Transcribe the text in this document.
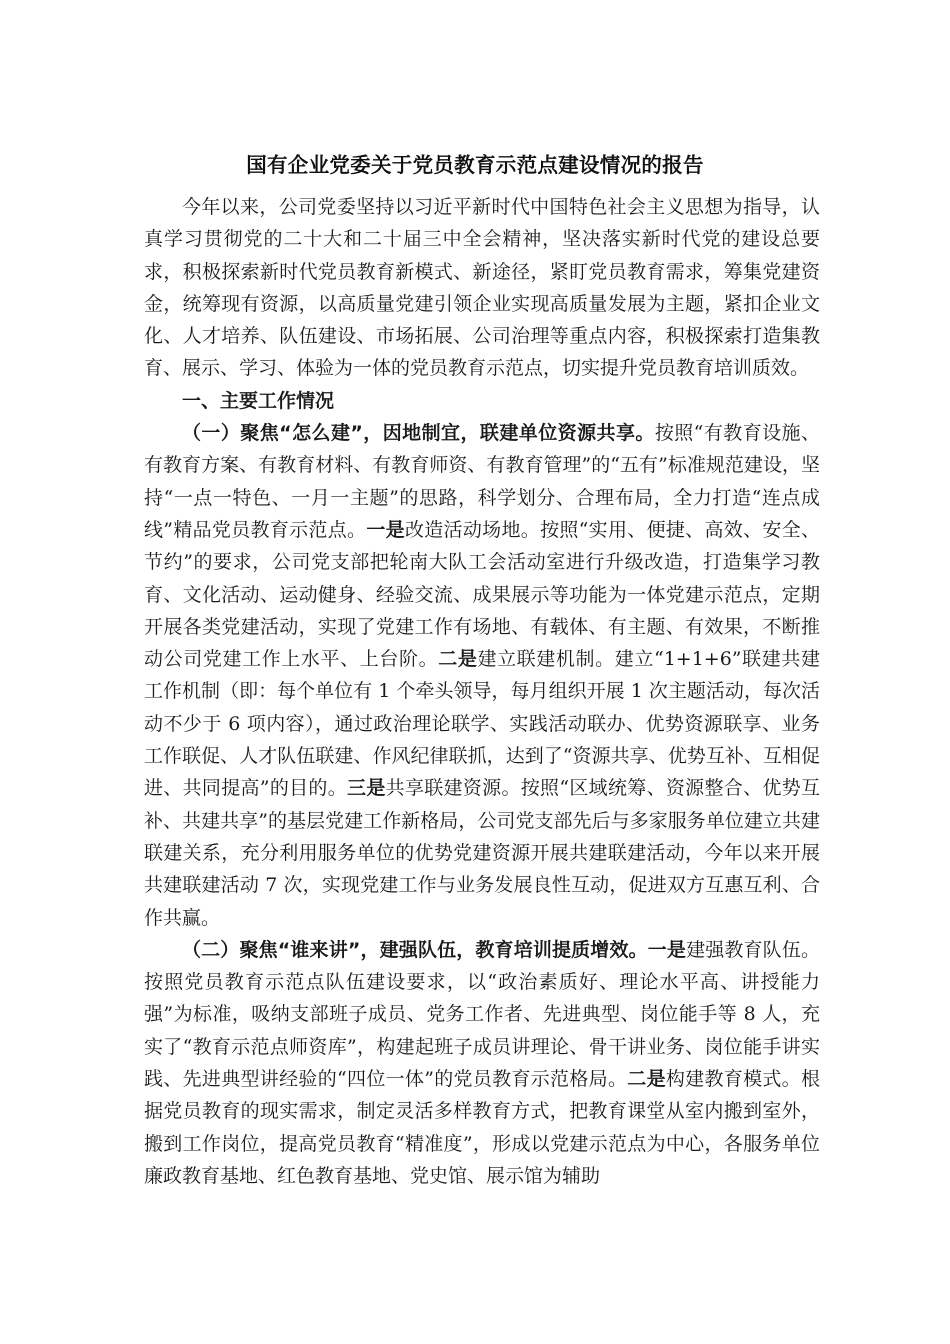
国有企业党委关于党员教育示范点建设情况的报告

今年以来，公司党委坚持以习近平新时代中国特色社会主义思想为指导，认真学习贯彻党的二十大和二十届三中全会精神，坚决落实新时代党的建设总要求，积极探索新时代党员教育新模式、新途径，紧盯党员教育需求，筹集党建资金，统筹现有资源，以高质量党建引领企业实现高质量发展为主题，紧扣企业文化、人才培养、队伍建设、市场拓展、公司治理等重点内容，积极探索打造集教育、展示、学习、体验为一体的党员教育示范点，切实提升党员教育培训质效。

一、主要工作情况

（一）聚焦“怎么建”，因地制宜，联建单位资源共享。按照“有教育设施、有教育方案、有教育材料、有教育师资、有教育管理”的“五有”标准规范建设，坚持“一点一特色、一月一主题”的思路，科学划分、合理布局，全力打造“连点成线”精品党员教育示范点。一是改造活动场地。按照“实用、便捷、高效、安全、节约”的要求，公司党支部把轮南大队工会活动室进行升级改造，打造集学习教育、文化活动、运动健身、经验交流、成果展示等功能为一体党建示范点，定期开展各类党建活动，实现了党建工作有场地、有载体、有主题、有效果，不断推动公司党建工作上水平、上台阶。二是建立联建机制。建立“1+1+6”联建共建工作机制（即：每个单位有 1 个牵头领导，每月组织开展 1 次主题活动，每次活动不少于 6 项内容），通过政治理论联学、实践活动联办、优势资源联享、业务工作联促、人才队伍联建、作风纪律联抓，达到了“资源共享、优势互补、互相促进、共同提高”的目的。三是共享联建资源。按照“区域统筹、资源整合、优势互补、共建共享”的基层党建工作新格局，公司党支部先后与多家服务单位建立共建联建关系，充分利用服务单位的优势党建资源开展共建联建活动，今年以来开展共建联建活动 7 次，实现党建工作与业务发展良性互动，促进双方互惠互利、合作共赢。

（二）聚焦“谁来讲”，建强队伍，教育培训提质增效。一是建强教育队伍。按照党员教育示范点队伍建设要求，以“政治素质好、理论水平高、讲授能力强”为标准，吸纳支部班子成员、党务工作者、先进典型、岗位能手等 8 人，充实了“教育示范点师资库”，构建起班子成员讲理论、骨干讲业务、岗位能手讲实践、先进典型讲经验的“四位一体”的党员教育示范格局。二是构建教育模式。根据党员教育的现实需求，制定灵活多样教育方式，把教育课堂从室内搬到室外，搬到工作岗位，提高党员教育“精准度”，形成以党建示范点为中心，各服务单位廉政教育基地、红色教育基地、党史馆、展示馆为辅助
